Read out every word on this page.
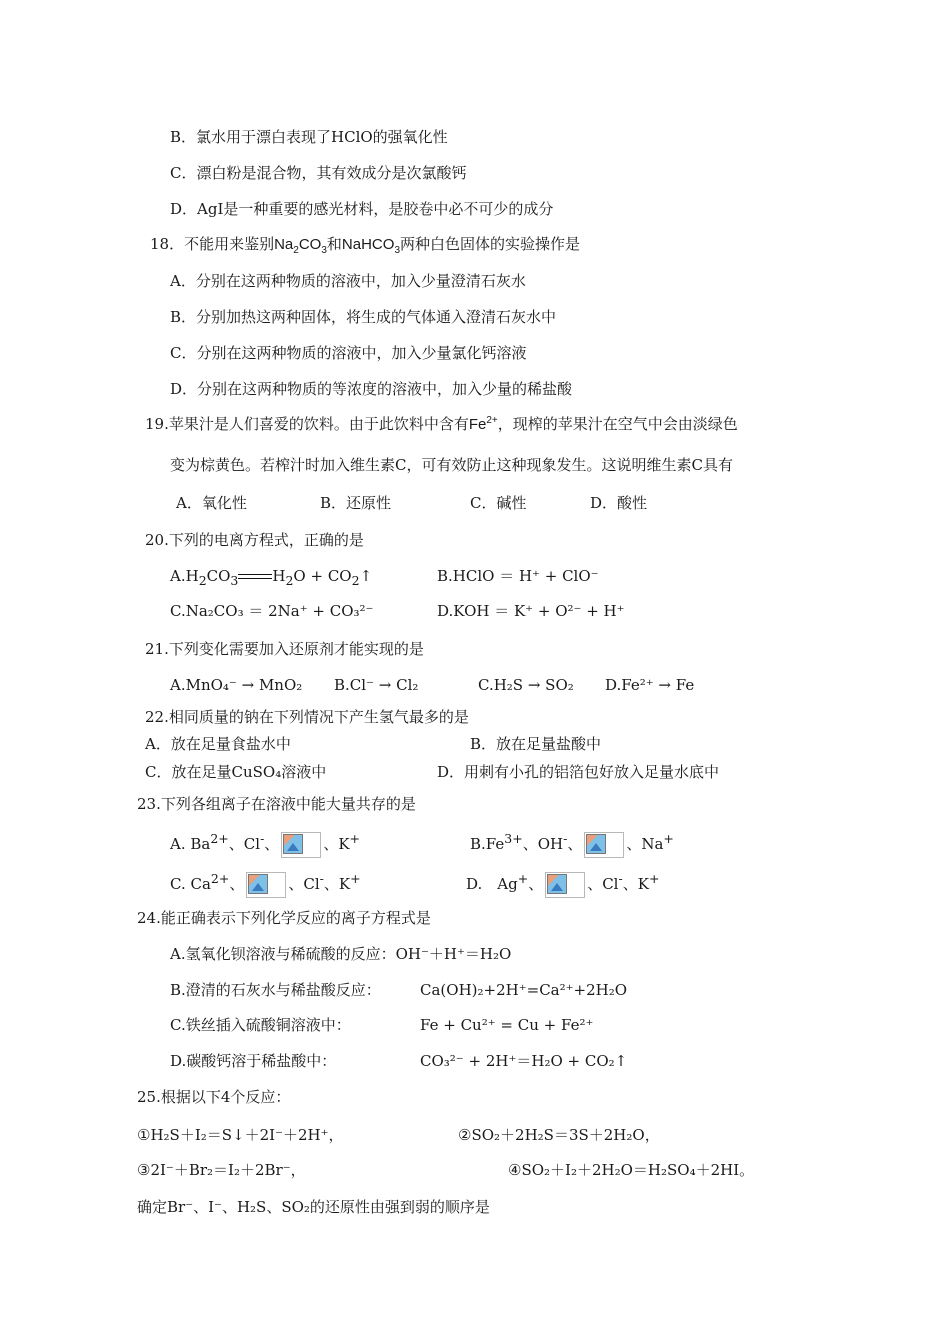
B．氯水用于漂白表现了HClO的强氧化性
C．漂白粉是混合物，其有效成分是次氯酸钙
D．AgI是一种重要的感光材料，是胶卷中必不可少的成分
18．不能用来鉴别$Na_2CO_3$和NaHCO$_3$两种白色固体的实验操作是
A．分别在这两种物质的溶液中，加入少量澄清石灰水
B．分别加热这两种固体，将生成的气体通入澄清石灰水中
C．分别在这两种物质的溶液中，加入少量氯化钙溶液
D．分别在这两种物质的等浓度的溶液中，加入少量的稀盐酸
19.苹果汁是人们喜爱的饮料。由于此饮料中含有$Fe^{2+}$，现榨的苹果汁在空气中会由淡绿色
变为棕黄色。若榨汁时加入维生素C，可有效防止这种现象发生。这说明维生素C具有
A．氧化性	B．还原性	C．碱性	D．酸性
20.下列的电离方程式，正确的是
$A.H_2CO_3$ $H_2O$ + $CO_2↑$	B.HClO ＝ H⁺ + ClO⁻
C.Na₂CO₃ ＝ 2Na⁺ + CO₃²⁻	D.KOH ＝ K⁺ + O²⁻ + H⁺
21.下列变化需要加入还原剂才能实现的是
A.MnO₄⁻ → MnO₂ B.Cl⁻ → Cl₂	C.H₂S → SO₂ D.Fe²⁺ → Fe
22.相同质量的钠在下列情况下产生氢气最多的是
A．放在足量食盐水中	B．放在足量盐酸中
C．放在足量CuSO₄溶液中	D．用刺有小孔的铝箔包好放入足量水底中
23.下列各组离子在溶液中能大量共存的是
A. $Ba^{2+}$、Cl-、	、K+	$B.Fe^{3+}$、OH-、	、Na+
C. $Ca^{2+}$、	、Cl-、K+	D.　Ag+、	、Cl-、K+
24.能正确表示下列化学反应的离子方程式是
A.氢氧化钡溶液与稀硫酸的反应：OH⁻＋H⁺＝H₂O
B.澄清的石灰水与稀盐酸反应：	Ca(OH)₂+2H⁺=Ca²⁺+2H₂O
C.铁丝插入硫酸铜溶液中：	Fe + Cu²⁺ = Cu + Fe²⁺
D.碳酸钙溶于稀盐酸中：	CO₃²⁻ + 2H⁺＝H₂O + CO₂↑
25.根据以下4个反应：
①H₂S＋I₂＝S↓＋2I⁻＋2H⁺，	②SO₂＋2H₂S＝3S＋2H₂O，
③2I⁻＋Br₂＝I₂＋2Br⁻，	④SO₂＋I₂＋2H₂O＝H₂SO₄＋2HI。
确定Br⁻、I⁻、H₂S、SO₂的还原性由强到弱的顺序是
